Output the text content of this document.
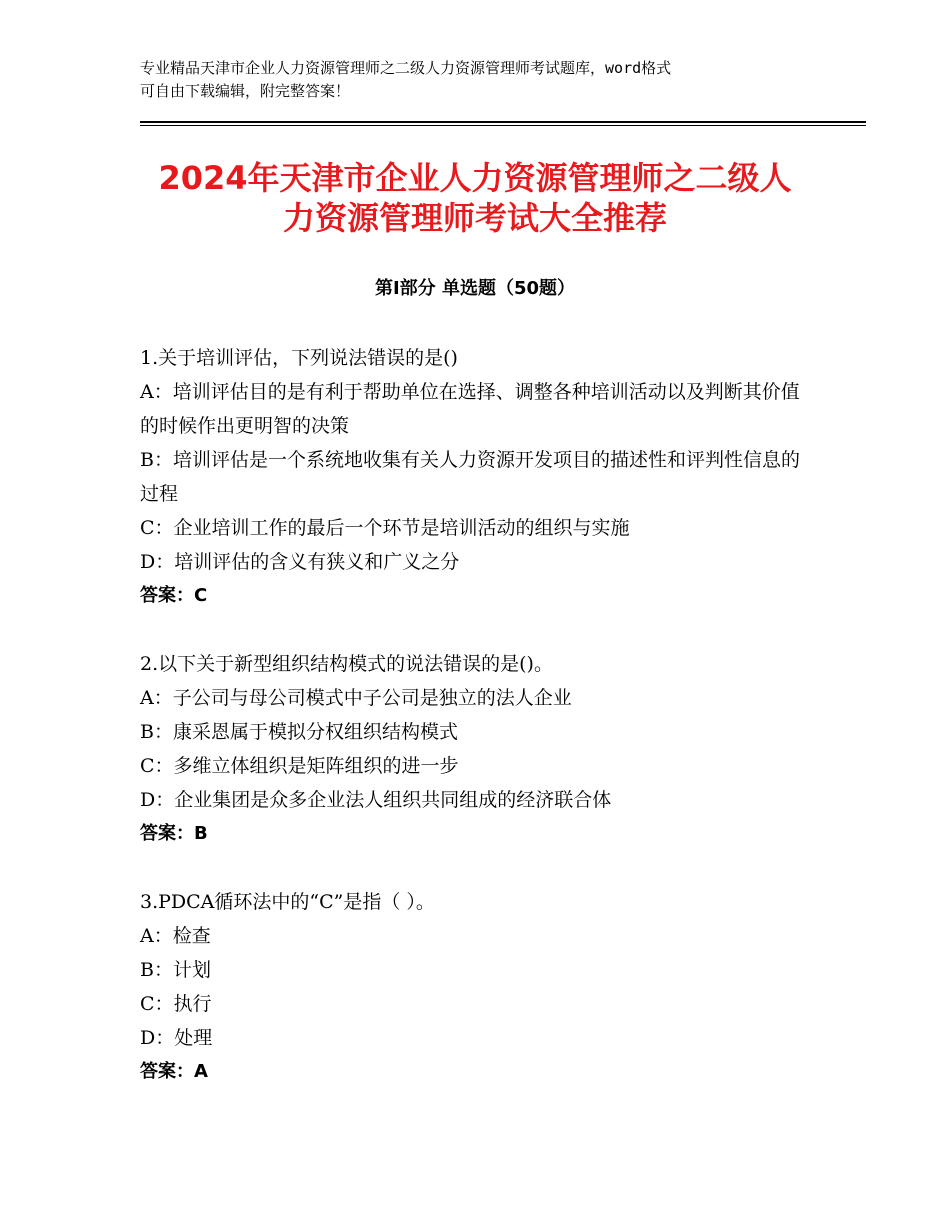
专业精品天津市企业人力资源管理师之二级人力资源管理师考试题库，word格式
可自由下载编辑，附完整答案！
2024年天津市企业人力资源管理师之二级人
力资源管理师考试大全推荐
第Ⅰ部分 单选题（50题）
1.关于培训评估，下列说法错误的是()
A：培训评估目的是有利于帮助单位在选择、调整各种培训活动以及判断其价值的时候作出更明智的决策
B：培训评估是一个系统地收集有关人力资源开发项目的描述性和评判性信息的过程
C：企业培训工作的最后一个环节是培训活动的组织与实施
D：培训评估的含义有狭义和广义之分
答案：C
2.以下关于新型组织结构模式的说法错误的是()。
A：子公司与母公司模式中子公司是独立的法人企业
B：康采恩属于模拟分权组织结构模式
C：多维立体组织是矩阵组织的进一步
D：企业集团是众多企业法人组织共同组成的经济联合体
答案：B
3.PDCA循环法中的“C”是指（ ）。
A：检查
B：计划
C：执行
D：处理
答案：A
